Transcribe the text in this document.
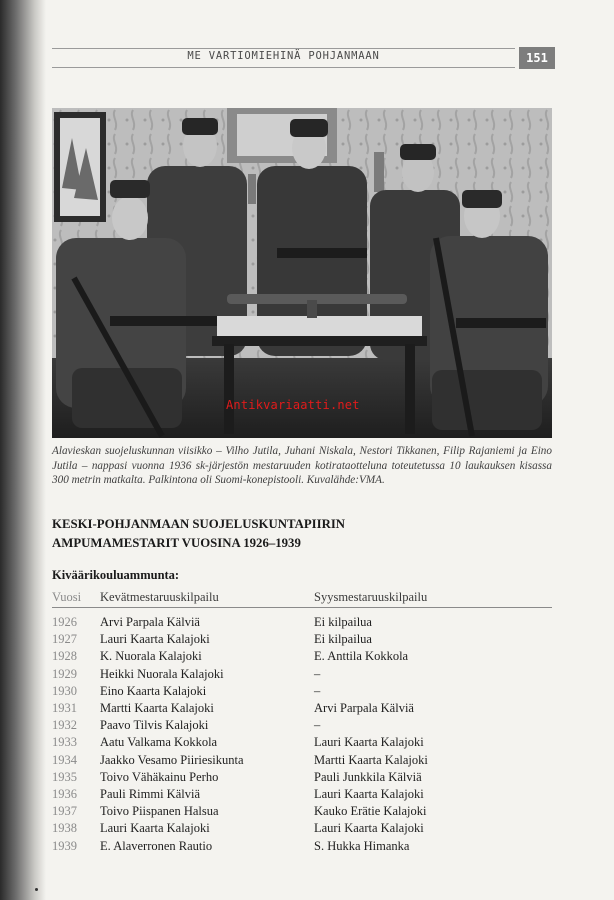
ME VARTIOMIEHINÄ POHJANMAAN	151
Antikvariaatti.net
Alavieskan suojeluskunnan viisikko – Vilho Jutila, Juhani Niskala, Nestori Tikkanen, Filip Rajaniemi ja Eino Jutila – nappasi vuonna 1936 sk-järjestön mestaruuden kotirataotteluna toteutetussa 10 laukauksen kisassa 300 metrin matkalta. Palkintona oli Suomi-konepistooli. Kuvalähde:VMA.
KESKI-POHJANMAAN SUOJELUSKUNTAPIIRIN
AMPUMAMESTARIT VUOSINA 1926–1939
Kiväärikouluammunta:
Vuosi	Kevätmestaruuskilpailu	Syysmestaruuskilpailu
1926	Arvi Parpala Kälviä	Ei kilpailua
1927	Lauri Kaarta Kalajoki	Ei kilpailua
1928	K. Nuorala Kalajoki	E. Anttila Kokkola
1929	Heikki Nuorala Kalajoki	–
1930	Eino Kaarta Kalajoki	–
1931	Martti Kaarta Kalajoki	Arvi Parpala Kälviä
1932	Paavo Tilvis Kalajoki	–
1933	Aatu Valkama Kokkola	Lauri Kaarta Kalajoki
1934	Jaakko Vesamo Piiriesikunta	Martti Kaarta Kalajoki
1935	Toivo Vähäkainu Perho	Pauli Junkkila Kälviä
1936	Pauli Rimmi Kälviä	Lauri Kaarta Kalajoki
1937	Toivo Piispanen Halsua	Kauko Erätie Kalajoki
1938	Lauri Kaarta Kalajoki	Lauri Kaarta Kalajoki
1939	E. Alaverronen Rautio	S. Hukka Himanka
